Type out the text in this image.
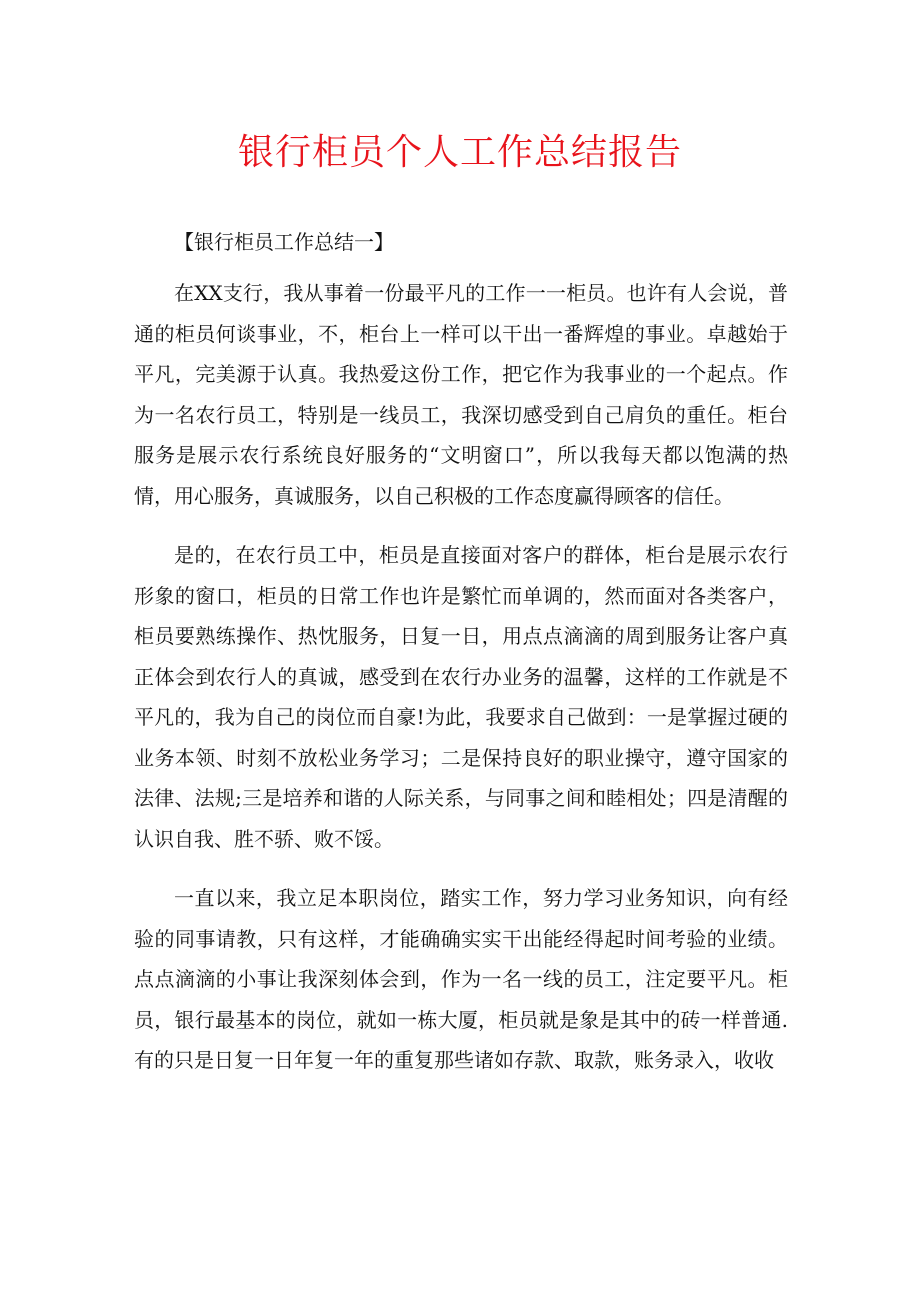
银行柜员个人工作总结报告

【银行柜员工作总结一】

在XX支行，我从事着一份最平凡的工作一一柜员。也许有人会说，普通的柜员何谈事业，不，柜台上一样可以干出一番辉煌的事业。卓越始于平凡，完美源于认真。我热爱这份工作，把它作为我事业的一个起点。作为一名农行员工，特别是一线员工，我深切感受到自己肩负的重任。柜台服务是展示农行系统良好服务的“文明窗口”，所以我每天都以饱满的热情，用心服务，真诚服务，以自己积极的工作态度赢得顾客的信任。

是的，在农行员工中，柜员是直接面对客户的群体，柜台是展示农行形象的窗口，柜员的日常工作也许是繁忙而单调的，然而面对各类客户，柜员要熟练操作、热忱服务，日复一日，用点点滴滴的周到服务让客户真正体会到农行人的真诚，感受到在农行办业务的温馨，这样的工作就是不平凡的，我为自己的岗位而自豪!为此，我要求自己做到：一是掌握过硬的业务本领、时刻不放松业务学习；二是保持良好的职业操守，遵守国家的法律、法规;三是培养和谐的人际关系，与同事之间和睦相处；四是清醒的认识自我、胜不骄、败不馁。

一直以来，我立足本职岗位，踏实工作，努力学习业务知识，向有经验的同事请教，只有这样，才能确确实实干出能经得起时间考验的业绩。点点滴滴的小事让我深刻体会到，作为一名一线的员工，注定要平凡。柜员，银行最基本的岗位，就如一栋大厦，柜员就是象是其中的砖一样普通.有的只是日复一日年复一年的重复那些诸如存款、取款，账务录入，收收
